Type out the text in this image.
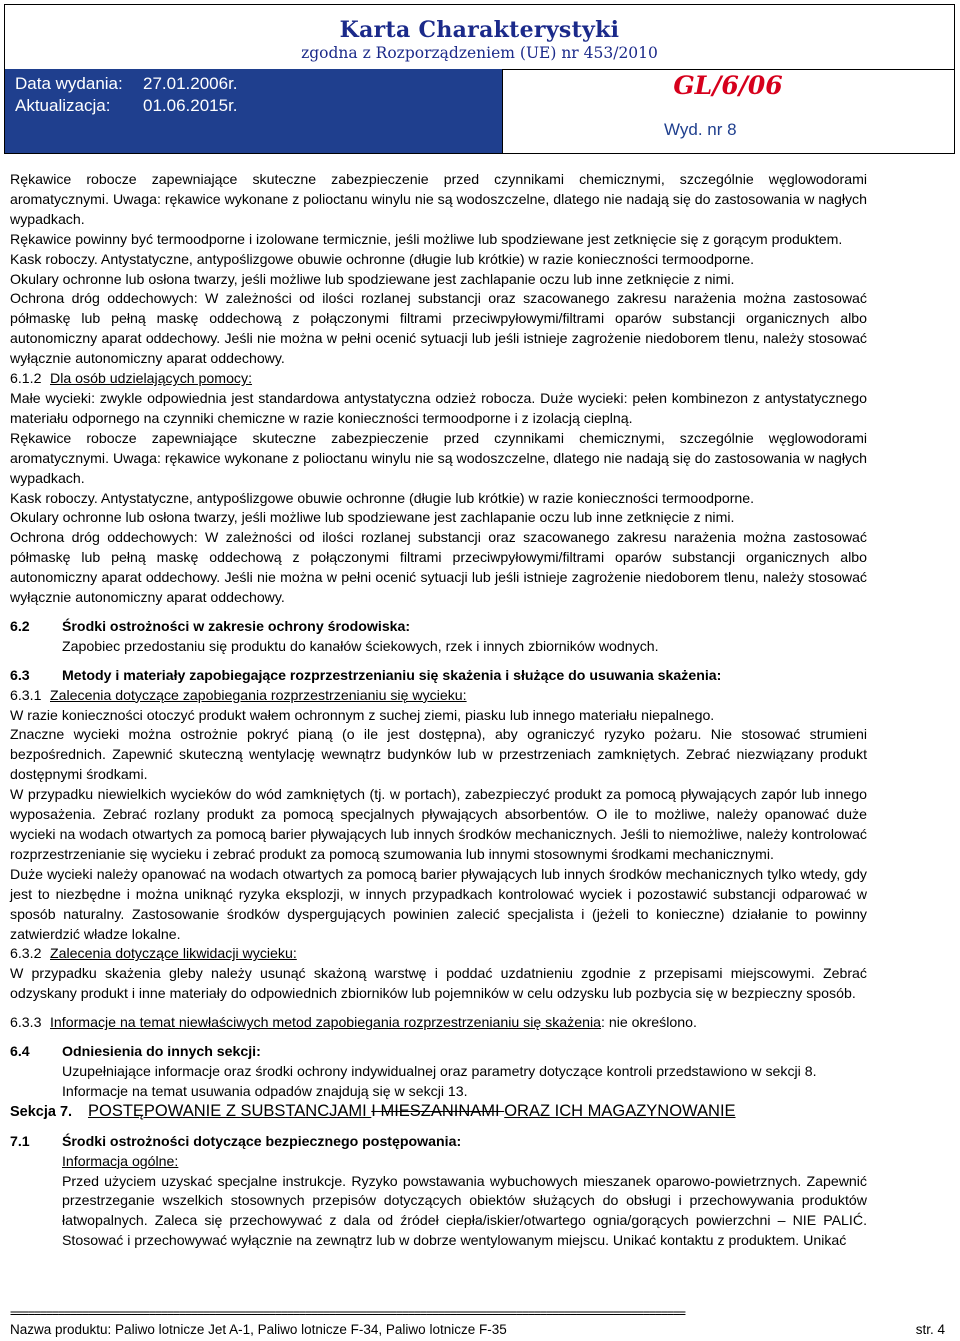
Karta Charakterystyki
zgodna z Rozporządzeniem (UE) nr 453/2010
Data wydania: 27.01.2006r.
Aktualizacja: 01.06.2015r.
GL/6/06
Wyd. nr 8

Rękawice robocze zapewniające skuteczne zabezpieczenie przed czynnikami chemicznymi, szczególnie węglowodorami aromatycznymi. Uwaga: rękawice wykonane z polioctanu winylu nie są wodoszczelne, dlatego nie nadają się do zastosowania w nagłych wypadkach.

Rękawice powinny być termoodporne i izolowane termicznie, jeśli możliwe lub spodziewane jest zetknięcie się z gorącym produktem.

Kask roboczy. Antystatyczne, antypoślizgowe obuwie ochronne (długie lub krótkie) w razie konieczności termoodporne.

Okulary ochronne lub osłona twarzy, jeśli możliwe lub spodziewane jest zachlapanie oczu lub inne zetknięcie z nimi.

Ochrona dróg oddechowych: W zależności od ilości rozlanej substancji oraz szacowanego zakresu narażenia można zastosować półmaskę lub pełną maskę oddechową z połączonymi filtrami przeciwpyłowymi/filtrami oparów substancji organicznych albo autonomiczny aparat oddechowy. Jeśli nie można w pełni ocenić sytuacji lub jeśli istnieje zagrożenie niedoborem tlenu, należy stosować wyłącznie autonomiczny aparat oddechowy.

6.1.2 Dla osób udzielających pomocy:

Małe wycieki: zwykle odpowiednia jest standardowa antystatyczna odzież robocza. Duże wycieki: pełen kombinezon z antystatycznego materiału odpornego na czynniki chemiczne w razie konieczności termoodporne i z izolacją cieplną.

Rękawice robocze zapewniające skuteczne zabezpieczenie przed czynnikami chemicznymi, szczególnie węglowodorami aromatycznymi. Uwaga: rękawice wykonane z polioctanu winylu nie są wodoszczelne, dlatego nie nadają się do zastosowania w nagłych wypadkach.

Kask roboczy. Antystatyczne, antypoślizgowe obuwie ochronne (długie lub krótkie) w razie konieczności termoodporne.

Okulary ochronne lub osłona twarzy, jeśli możliwe lub spodziewane jest zachlapanie oczu lub inne zetknięcie z nimi.

Ochrona dróg oddechowych: W zależności od ilości rozlanej substancji oraz szacowanego zakresu narażenia można zastosować półmaskę lub pełną maskę oddechową z połączonymi filtrami przeciwpyłowymi/filtrami oparów substancji organicznych albo autonomiczny aparat oddechowy. Jeśli nie można w pełni ocenić sytuacji lub jeśli istnieje zagrożenie niedoborem tlenu, należy stosować wyłącznie autonomiczny aparat oddechowy.

6.2 Środki ostrożności w zakresie ochrony środowiska:

Zapobiec przedostaniu się produktu do kanałów ściekowych, rzek i innych zbiorników wodnych.

6.3 Metody i materiały zapobiegające rozprzestrzenianiu się skażenia i służące do usuwania skażenia:

6.3.1 Zalecenia dotyczące zapobiegania rozprzestrzenianiu się wycieku:

W razie konieczności otoczyć produkt wałem ochronnym z suchej ziemi, piasku lub innego materiału niepalnego.

Znaczne wycieki można ostrożnie pokryć pianą (o ile jest dostępna), aby ograniczyć ryzyko pożaru. Nie stosować strumieni bezpośrednich. Zapewnić skuteczną wentylację wewnątrz budynków lub w przestrzeniach zamkniętych. Zebrać niezwiązany produkt dostępnymi środkami.

W przypadku niewielkich wycieków do wód zamkniętych (tj. w portach), zabezpieczyć produkt za pomocą pływających zapór lub innego wyposażenia. Zebrać rozlany produkt za pomocą specjalnych pływających absorbentów. O ile to możliwe, należy opanować duże wycieki na wodach otwartych za pomocą barier pływających lub innych środków mechanicznych. Jeśli to niemożliwe, należy kontrolować rozprzestrzenianie się wycieku i zebrać produkt za pomocą szumowania lub innymi stosownymi środkami mechanicznymi.

Duże wycieki należy opanować na wodach otwartych za pomocą barier pływających lub innych środków mechanicznych tylko wtedy, gdy jest to niezbędne i można uniknąć ryzyka eksplozji, w innych przypadkach kontrolować wyciek i pozostawić substancji odparować w sposób naturalny. Zastosowanie środków dyspergujących powinien zalecić specjalista i (jeżeli to konieczne) działanie to powinny zatwierdzić władze lokalne.

6.3.2 Zalecenia dotyczące likwidacji wycieku:

W przypadku skażenia gleby należy usunąć skażoną warstwę i poddać uzdatnieniu zgodnie z przepisami miejscowymi. Zebrać odzyskany produkt i inne materiały do odpowiednich zbiorników lub pojemników w celu odzysku lub pozbycia się w bezpieczny sposób.

6.3.3 Informacje na temat niewłaściwych metod zapobiegania rozprzestrzenianiu się skażenia: nie określono.

6.4 Odniesienia do innych sekcji:

Uzupełniające informacje oraz środki ochrony indywidualnej oraz parametry dotyczące kontroli przedstawiono w sekcji 8.

Informacje na temat usuwania odpadów znajdują się w sekcji 13.

Sekcja 7. POSTĘPOWANIE Z SUBSTANCJAMI I MIESZANINAMI ORAZ ICH MAGAZYNOWANIE

7.1 Środki ostrożności dotyczące bezpiecznego postępowania:

Informacja ogólne:

Przed użyciem uzyskać specjalne instrukcje. Ryzyko powstawania wybuchowych mieszanek oparowo-powietrznych. Zapewnić przestrzeganie wszelkich stosownych przepisów dotyczących obiektów służących do obsługi i przechowywania produktów łatwopalnych. Zaleca się przechowywać z dala od źródeł ciepła/iskier/otwartego ognia/gorących powierzchni – NIE PALIĆ. Stosować i przechowywać wyłącznie na zewnątrz lub w dobrze wentylowanym miejscu. Unikać kontaktu z produktem. Unikać

================================================================================================================
Nazwa produktu: Paliwo lotnicze Jet A-1, Paliwo lotnicze F-34, Paliwo lotnicze F-35	str. 4
